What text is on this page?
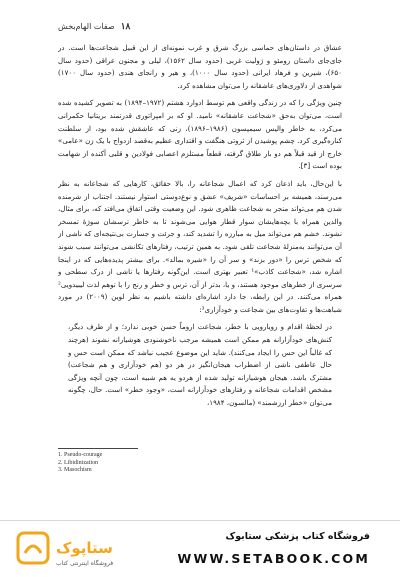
۱۸
صفات الهام‌بخش

عشاق در داستان‌های حماسی بزرگ شرق و غرب نمونه‌ای از این قبیل شجاعت‌ها است. در جای‌جای داستان رومئو و ژولیت غربی (حدود سال ۱۵۶۲)، لیلی و مجنون عراقی (حدود سال ۶۵۰)، شیرین و فرهاد ایرانی (حدود سال ۱۰۰۰)، و هیر و رانجای هندی (حدود سال ۱۷۰۰) شواهدی از دلاوری‌های عاشقانه را می‌توان مشاهده کرد.

چنین ویژگی را که در زندگی واقعی هم توسط ادوارد هشتم (۱۹۷۲–۱۸۹۴) به تصویر کشیده شده است، می‌توان به‌حق «شجاعت عاشقانه» نامید. او که بر امپراتوری قدرتمند بریتانیا حکمرانی می‌کرد، به خاطر والیس سیمپسون (۱۹۸۶–۱۸۹۶)، زنی که عاشقش شده بود، از سلطنت کناره‌گیری کرد. چشم پوشیدن از ثروتی هنگفت و اقتداری عظیم به‌قصد ازدواج با یک زن «عامی» خارج از قید قبلاً هم دو بار طلاق گرفته، قطعاً مستلزم اعصابی فولادین و قلبی آکنده از شهامت بوده است [۳].

با این‌حال، باید اذعان کرد که اعمال شجاعانه را، بالا حقائق، کارهایی که شجاعانه به نظر می‌رسند، همیشه بر احساسات «شریف» عشق و نوع‌دوستی استوار نیستند. اجتناب از شرمنده شدن هم می‌تواند منجر به شجاعت ظاهری شود. این وضعیت وقتی اتفاق می‌افتد که، برای مثال، والدین همراه با بچه‌هایشان سوار قطار هوایی می‌شوند تا به خاطر ترسشان سوژهٔ تمسخر نشوند. خشم هم می‌تواند میل به مبارزه را تشدید کند، و جرئت و جسارت بی‌نتیجه‌ای که ناشی از آن می‌توانند به‌منزلهٔ شجاعت تلقی شود. به همین ترتیب، رفتارهای تکانشی می‌توانند سبب شوند که شخص ترس را «دور بزند» و سر آن را «شیره بمالد». برای بیشتر پدیده‌هایی که در اینجا اشاره شد، «شجاعت کاذب»¹ تعبیر بهتری است. این‌گونه رفتارها یا ناشی از درک سطحی و سرسری از خطرهای موجود هستند، و یا، بدتر از آن، ترس و خطر و رنج را با توهم لذت لیبیدویی² همراه می‌کنند. در این رابطه، جا دارد اشاره‌ای داشته باشیم به نظر لوین (۲۰۰۹) در مورد شباهت‌ها و تفاوت‌های بین شجاعت و خودآزاری³:

در لحظهٔ اقدام و رویارویی با خطر، شجاعت اروماً حسن خوبی ندارد؛ و از طرف دیگر، کنش‌های خودآزارانه هم ممکن است همیشه مرجب ناخوشنودی هوشیارانه نشوند (هرچند که غالباً این حس را ایجاد می‌کنند). شاید این موضوع عجیب نباشد که ممکن است حس و حال عاطفی ناشی از اضطراب هیجان‌انگیز در هر دو (هم خودآزاری و هم شجاعت) مشترک باشد. هیجان هوشیارانه تولید شده از هردو یه هم شبیه است، چون آنچه ویژگی مشخص اقدامات شجاعانه و رفتارهای خودآزارانه است، «وجود خطر» است. حال، چگونه می‌توان «خطر ارزشمند» (مالسون، ۱۹۸۴،

1. Pseudo-courage
2. Libidinization
3. Masochism
ستاپوک
فروشگاه اینترنتی کتاب
فروشگاه کتاب پزشکی ستابوک
WWW.SETABOOK.COM
